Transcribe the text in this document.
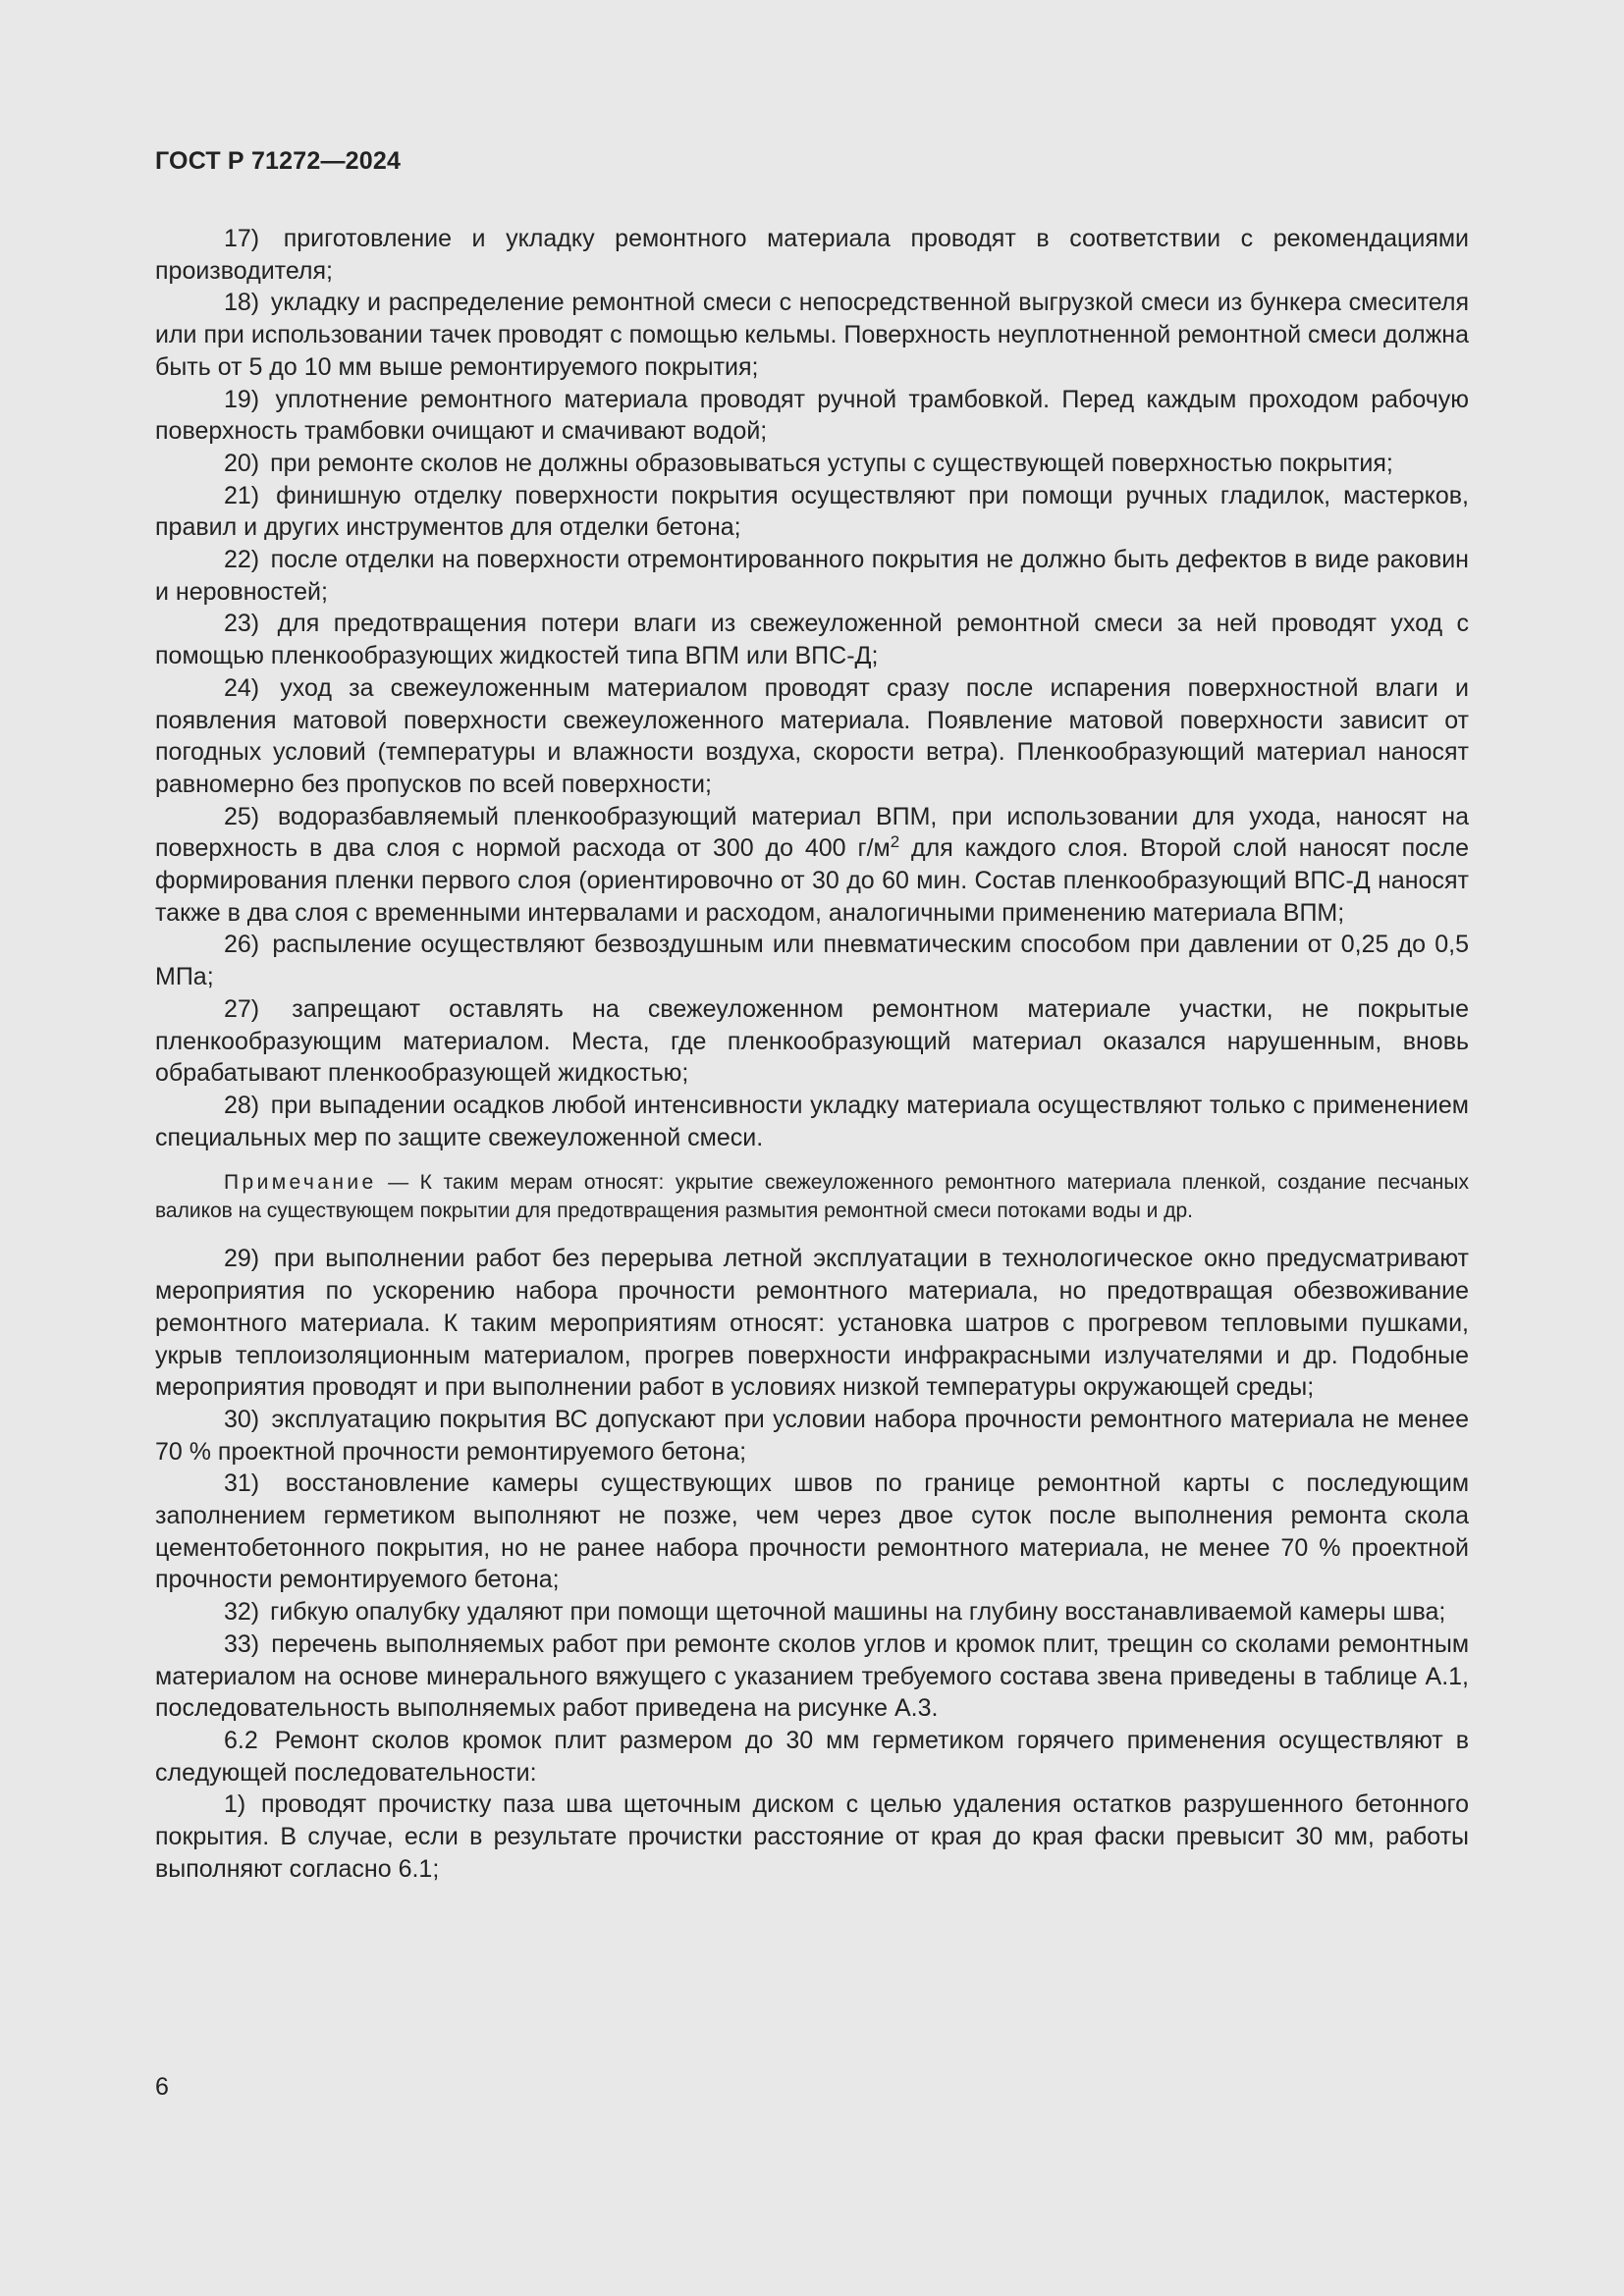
ГОСТ Р 71272—2024

17) приготовление и укладку ремонтного материала проводят в соответствии с рекомендациями производителя;

18) укладку и распределение ремонтной смеси с непосредственной выгрузкой смеси из бункера смесителя или при использовании тачек проводят с помощью кельмы. Поверхность неуплотненной ремонтной смеси должна быть от 5 до 10 мм выше ремонтируемого покрытия;

19) уплотнение ремонтного материала проводят ручной трамбовкой. Перед каждым проходом рабочую поверхность трамбовки очищают и смачивают водой;

20) при ремонте сколов не должны образовываться уступы с существующей поверхностью покрытия;

21) финишную отделку поверхности покрытия осуществляют при помощи ручных гладилок, мастерков, правил и других инструментов для отделки бетона;

22) после отделки на поверхности отремонтированного покрытия не должно быть дефектов в виде раковин и неровностей;

23) для предотвращения потери влаги из свежеуложенной ремонтной смеси за ней проводят уход с помощью пленкообразующих жидкостей типа ВПМ или ВПС-Д;

24) уход за свежеуложенным материалом проводят сразу после испарения поверхностной влаги и появления матовой поверхности свежеуложенного материала. Появление матовой поверхности зависит от погодных условий (температуры и влажности воздуха, скорости ветра). Пленкообразующий материал наносят равномерно без пропусков по всей поверхности;

25) водоразбавляемый пленкообразующий материал ВПМ, при использовании для ухода, наносят на поверхность в два слоя с нормой расхода от 300 до 400 $г/м^2$ для каждого слоя. Второй слой наносят после формирования пленки первого слоя (ориентировочно от 30 до 60 мин. Состав пленкообразующий ВПС-Д наносят также в два слоя с временными интервалами и расходом, аналогичными применению материала ВПМ;

26) распыление осуществляют безвоздушным или пневматическим способом при давлении от 0,25 до 0,5 МПа;

27) запрещают оставлять на свежеуложенном ремонтном материале участки, не покрытые пленкообразующим материалом. Места, где пленкообразующий материал оказался нарушенным, вновь обрабатывают пленкообразующей жидкостью;

28) при выпадении осадков любой интенсивности укладку материала осуществляют только с применением специальных мер по защите свежеуложенной смеси.

Примечание — К таким мерам относят: укрытие свежеуложенного ремонтного материала пленкой, создание песчаных валиков на существующем покрытии для предотвращения размытия ремонтной смеси потоками воды и др.

29) при выполнении работ без перерыва летной эксплуатации в технологическое окно предусматривают мероприятия по ускорению набора прочности ремонтного материала, но предотвращая обезвоживание ремонтного материала. К таким мероприятиям относят: установка шатров с прогревом тепловыми пушками, укрыв теплоизоляционным материалом, прогрев поверхности инфракрасными излучателями и др. Подобные мероприятия проводят и при выполнении работ в условиях низкой температуры окружающей среды;

30) эксплуатацию покрытия ВС допускают при условии набора прочности ремонтного материала не менее 70 % проектной прочности ремонтируемого бетона;

31) восстановление камеры существующих швов по границе ремонтной карты с последующим заполнением герметиком выполняют не позже, чем через двое суток после выполнения ремонта скола цементобетонного покрытия, но не ранее набора прочности ремонтного материала, не менее 70 % проектной прочности ремонтируемого бетона;

32) гибкую опалубку удаляют при помощи щеточной машины на глубину восстанавливаемой камеры шва;

33) перечень выполняемых работ при ремонте сколов углов и кромок плит, трещин со сколами ремонтным материалом на основе минерального вяжущего с указанием требуемого состава звена приведены в таблице А.1, последовательность выполняемых работ приведена на рисунке А.3.

6.2 Ремонт сколов кромок плит размером до 30 мм герметиком горячего применения осуществляют в следующей последовательности:

1) проводят прочистку паза шва щеточным диском с целью удаления остатков разрушенного бетонного покрытия. В случае, если в результате прочистки расстояние от края до края фаски превысит 30 мм, работы выполняют согласно 6.1;

6
